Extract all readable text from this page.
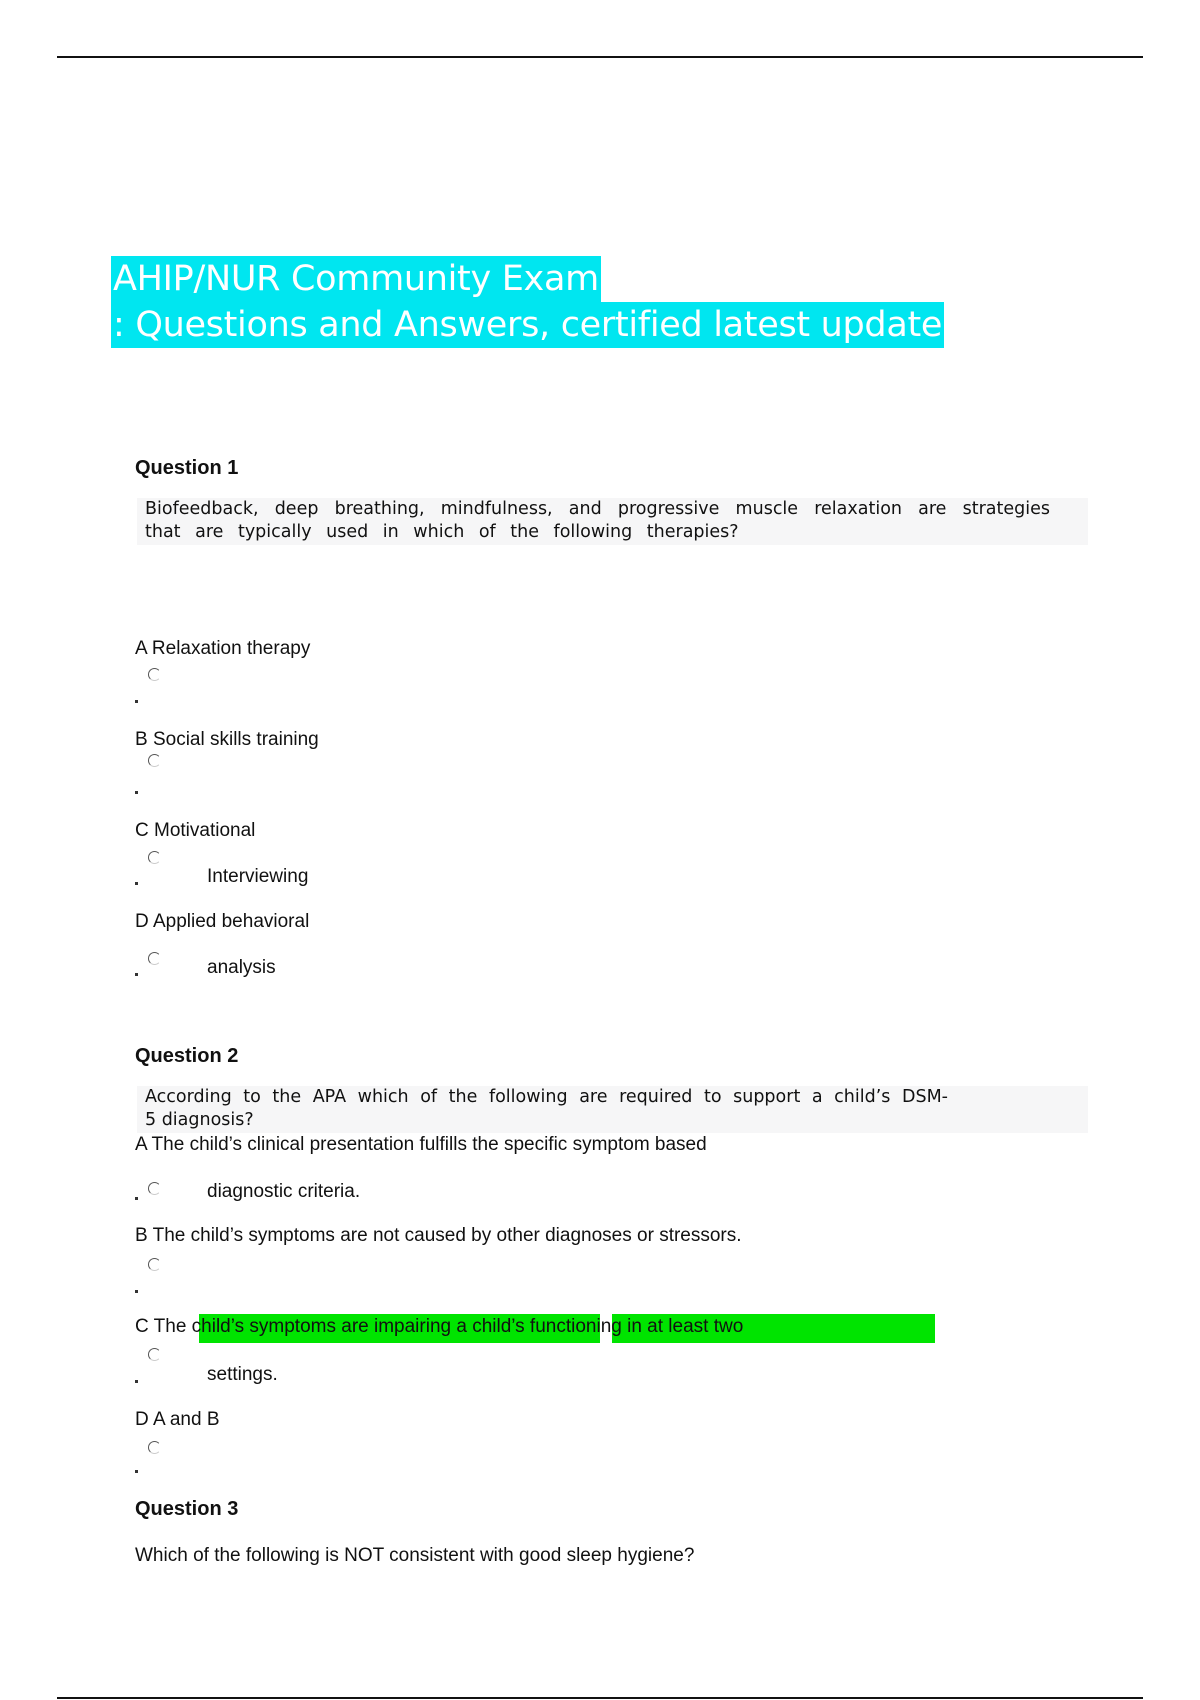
AHIP/NUR Community Exam
: Questions and Answers, certified latest update
Question 1

Biofeedback, deep breathing, mindfulness, and progressive muscle relaxation are strategies

that are typically used in which of the following therapies?

A Relaxation therapy
B Social skills training
C Motivational
Interviewing
D Applied behavioral
analysis
Question 2

According to the APA which of the following are required to support a child’s DSM-

5 diagnosis?

A The child’s clinical presentation fulfills the specific symptom based
diagnostic criteria.
B The child’s symptoms are not caused by other diagnoses or stressors.
C The child’s symptoms are impairing a child’s functioning in at least two
settings.
D A and B
Question 3
Which of the following is NOT consistent with good sleep hygiene?
